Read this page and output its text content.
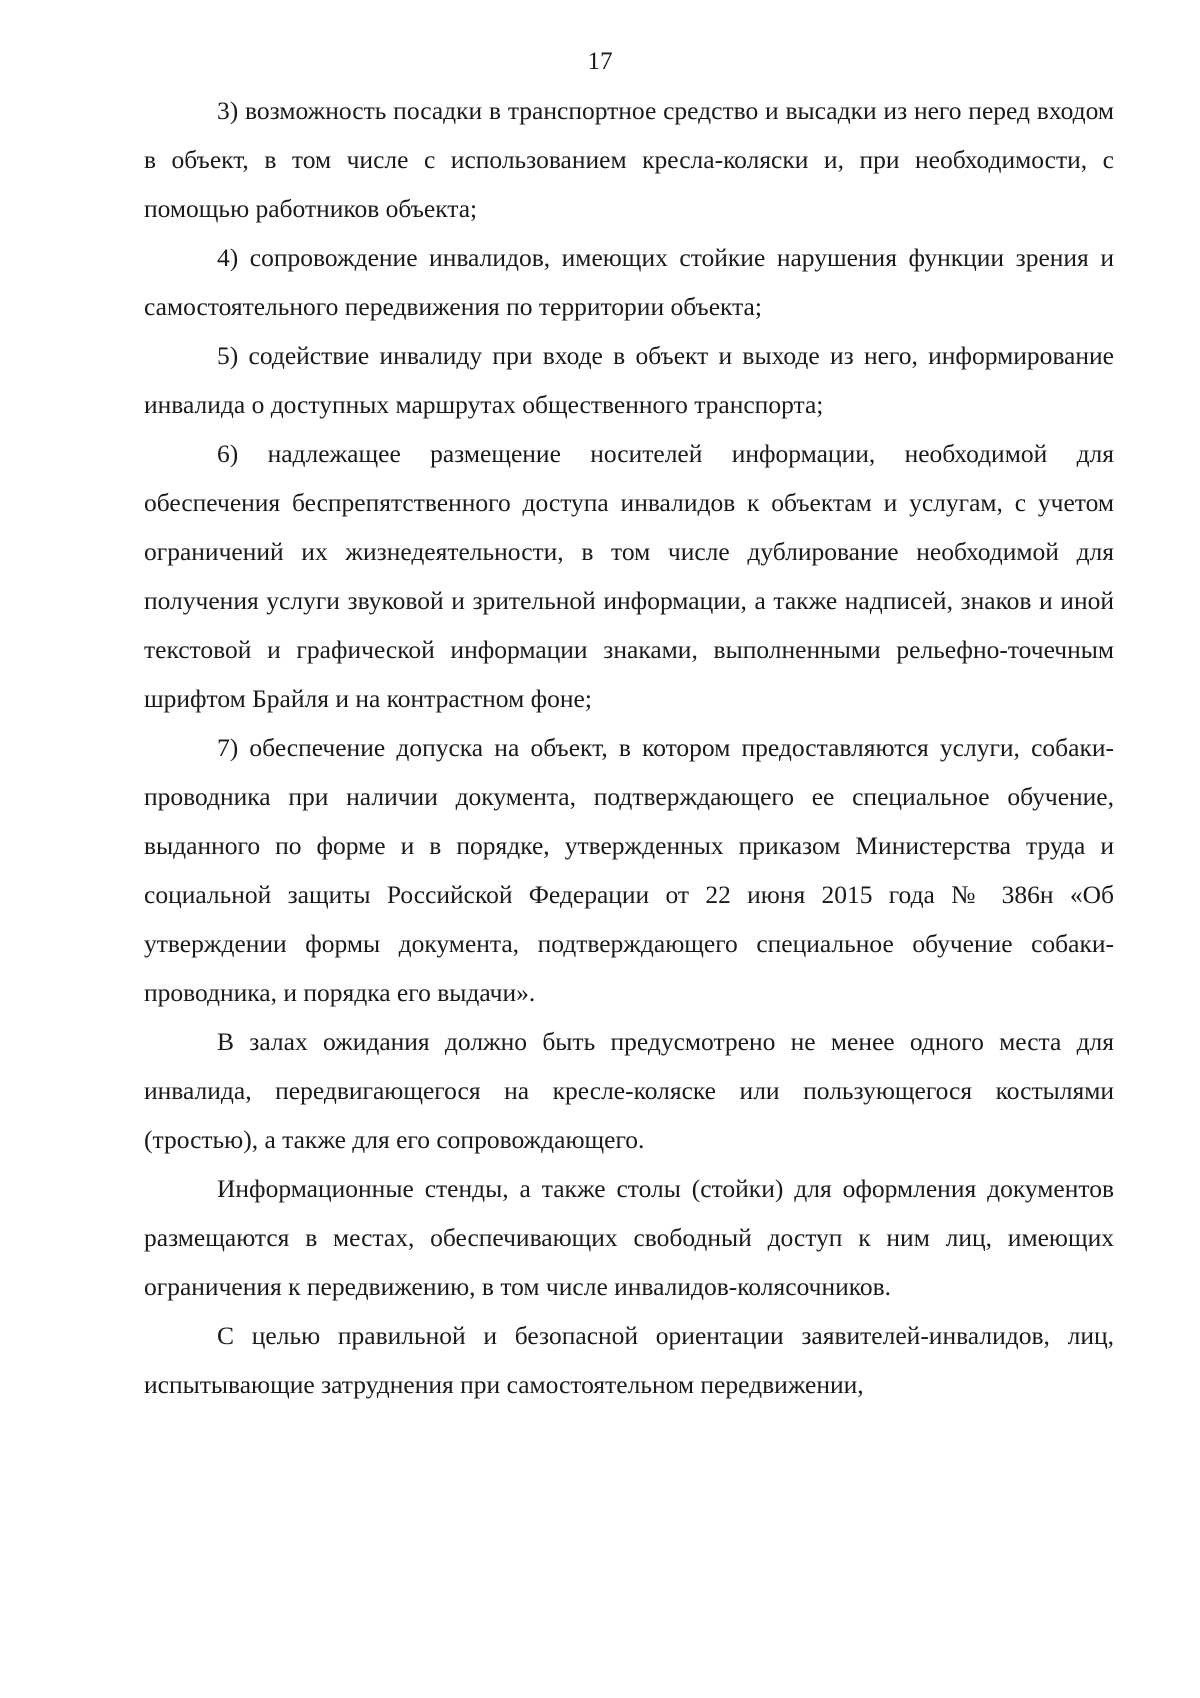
17

3) возможность посадки в транспортное средство и высадки из него перед входом в объект, в том числе с использованием кресла-коляски и, при необходимости, с помощью работников объекта;

4) сопровождение инвалидов, имеющих стойкие нарушения функции зрения и самостоятельного передвижения по территории объекта;

5) содействие инвалиду при входе в объект и выходе из него, информирование инвалида о доступных маршрутах общественного транспорта;

6) надлежащее размещение носителей информации, необходимой для обеспечения беспрепятственного доступа инвалидов к объектам и услугам, с учетом ограничений их жизнедеятельности, в том числе дублирование необходимой для получения услуги звуковой и зрительной информации, а также надписей, знаков и иной текстовой и графической информации знаками, выполненными рельефно-точечным шрифтом Брайля и на контрастном фоне;

7) обеспечение допуска на объект, в котором предоставляются услуги, собаки-проводника при наличии документа, подтверждающего ее специальное обучение, выданного по форме и в порядке, утвержденных приказом Министерства труда и социальной защиты Российской Федерации от 22 июня 2015 года № 386н «Об утверждении формы документа, подтверждающего специальное обучение собаки-проводника, и порядка его выдачи».

В залах ожидания должно быть предусмотрено не менее одного места для инвалида, передвигающегося на кресле-коляске или пользующегося костылями (тростью), а также для его сопровождающего.

Информационные стенды, а также столы (стойки) для оформления документов размещаются в местах, обеспечивающих свободный доступ к ним лиц, имеющих ограничения к передвижению, в том числе инвалидов-колясочников.

С целью правильной и безопасной ориентации заявителей-инвалидов, лиц, испытывающие затруднения при самостоятельном передвижении,
